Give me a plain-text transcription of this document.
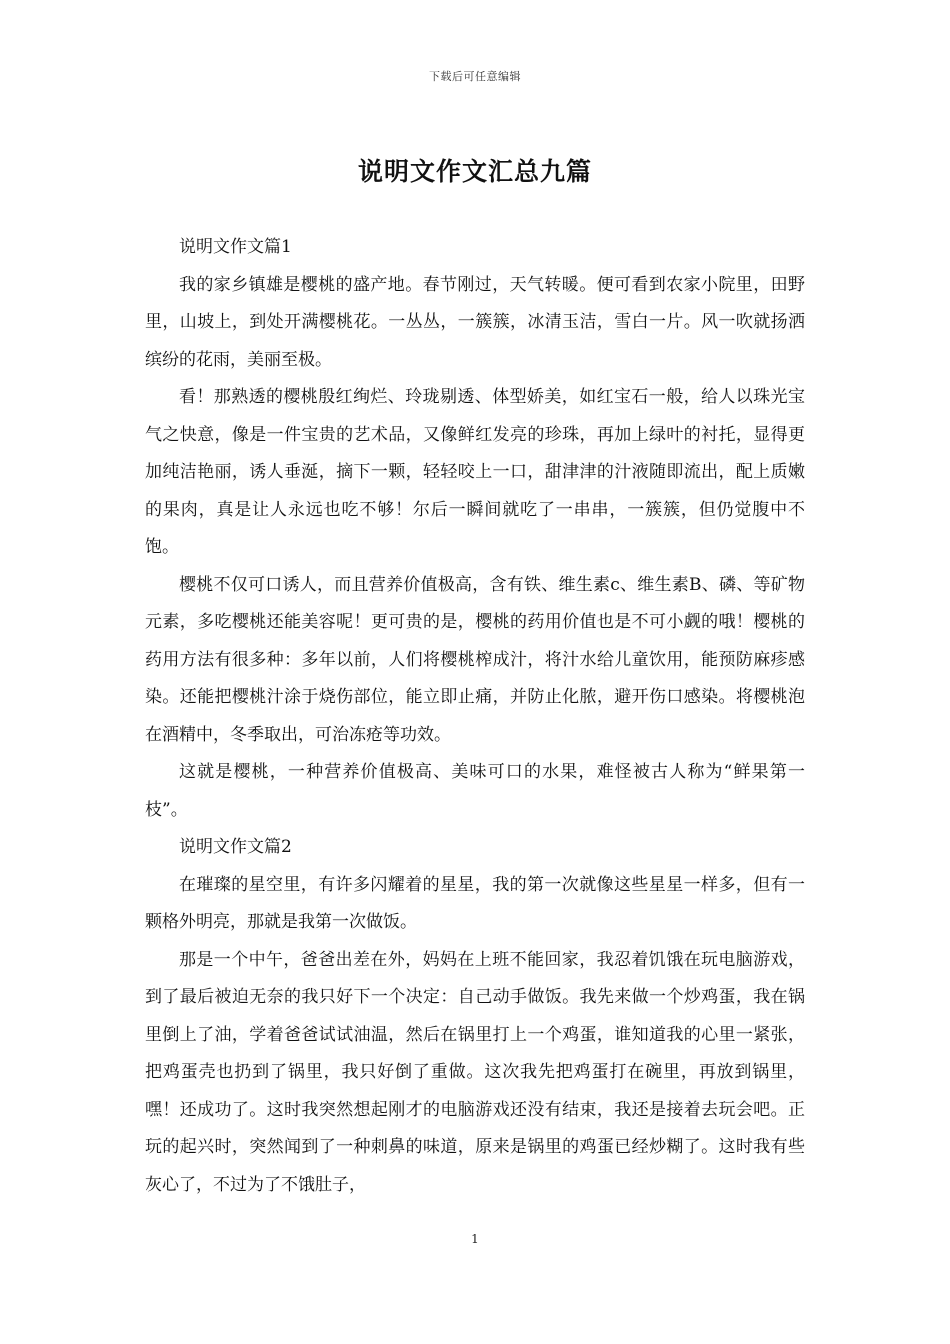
下载后可任意编辑
说明文作文汇总九篇

说明文作文篇1

我的家乡镇雄是樱桃的盛产地。春节刚过，天气转暖。便可看到农家小院里，田野里，山坡上，到处开满樱桃花。一丛丛，一簇簇，冰清玉洁，雪白一片。风一吹就扬洒缤纷的花雨，美丽至极。

看！那熟透的樱桃殷红绚烂、玲珑剔透、体型娇美，如红宝石一般，给人以珠光宝气之快意，像是一件宝贵的艺术品，又像鲜红发亮的珍珠，再加上绿叶的衬托，显得更加纯洁艳丽，诱人垂涎，摘下一颗，轻轻咬上一口，甜津津的汁液随即流出，配上质嫩的果肉，真是让人永远也吃不够！尔后一瞬间就吃了一串串，一簇簇，但仍觉腹中不饱。

樱桃不仅可口诱人，而且营养价值极高，含有铁、维生素c、维生素B、磷、等矿物元素，多吃樱桃还能美容呢！更可贵的是，樱桃的药用价值也是不可小觑的哦！樱桃的药用方法有很多种：多年以前，人们将樱桃榨成汁，将汁水给儿童饮用，能预防麻疹感染。还能把樱桃汁涂于烧伤部位，能立即止痛，并防止化脓，避开伤口感染。将樱桃泡在酒精中，冬季取出，可治冻疮等功效。

这就是樱桃，一种营养价值极高、美味可口的水果，难怪被古人称为“鲜果第一枝”。

说明文作文篇2

在璀璨的星空里，有许多闪耀着的星星，我的第一次就像这些星星一样多，但有一颗格外明亮，那就是我第一次做饭。

那是一个中午，爸爸出差在外，妈妈在上班不能回家，我忍着饥饿在玩电脑游戏，到了最后被迫无奈的我只好下一个决定：自己动手做饭。我先来做一个炒鸡蛋，我在锅里倒上了油，学着爸爸试试油温，然后在锅里打上一个鸡蛋，谁知道我的心里一紧张，把鸡蛋壳也扔到了锅里，我只好倒了重做。这次我先把鸡蛋打在碗里，再放到锅里，嘿！还成功了。这时我突然想起刚才的电脑游戏还没有结束，我还是接着去玩会吧。正玩的起兴时，突然闻到了一种刺鼻的味道，原来是锅里的鸡蛋已经炒糊了。这时我有些灰心了，不过为了不饿肚子，

1
